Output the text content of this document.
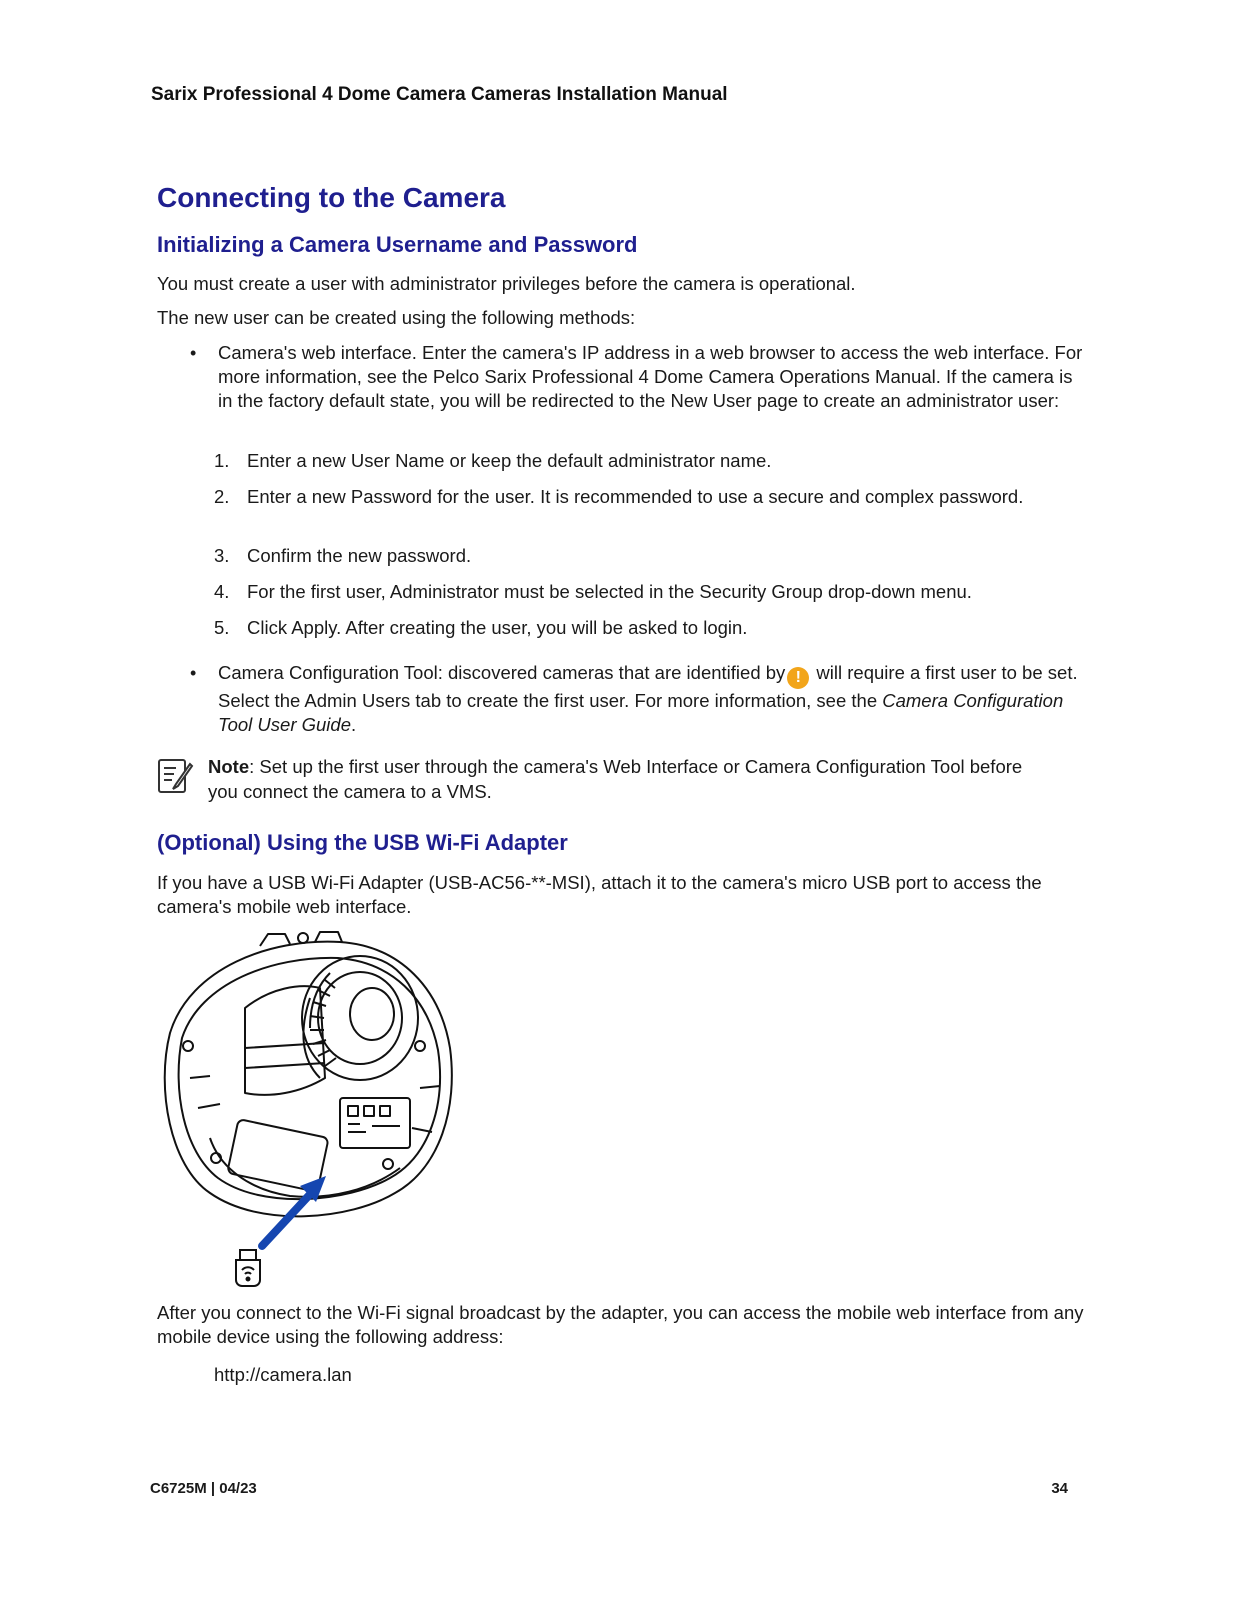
Sarix Professional 4 Dome Camera Cameras Installation Manual
Connecting to the Camera
Initializing a Camera Username and Password

You must create a user with administrator privileges before the camera is operational.

The new user can be created using the following methods:

• Camera's web interface. Enter the camera's IP address in a web browser to access the web interface. For more information, see the Pelco Sarix Professional 4 Dome Camera Operations Manual. If the camera is in the factory default state, you will be redirected to the New User page to create an administrator user:
1. Enter a new User Name or keep the default administrator name.
2. Enter a new Password for the user. It is recommended to use a secure and complex password.
3. Confirm the new password.
4. For the first user, Administrator must be selected in the Security Group drop-down menu.
5. Click Apply. After creating the user, you will be asked to login.
• Camera Configuration Tool: discovered cameras that are identified by ! will require a first user to be set. Select the Admin Users tab to create the first user. For more information, see the Camera Configuration Tool User Guide.
Note: Set up the first user through the camera's Web Interface or Camera Configuration Tool before you connect the camera to a VMS.
(Optional) Using the USB Wi-Fi Adapter

If you have a USB Wi-Fi Adapter (USB-AC56-**-MSI), attach it to the camera's micro USB port to access the camera's mobile web interface.

After you connect to the Wi-Fi signal broadcast by the adapter, you can access the mobile web interface from any mobile device using the following address:

http://camera.lan
C6725M | 04/23	34
